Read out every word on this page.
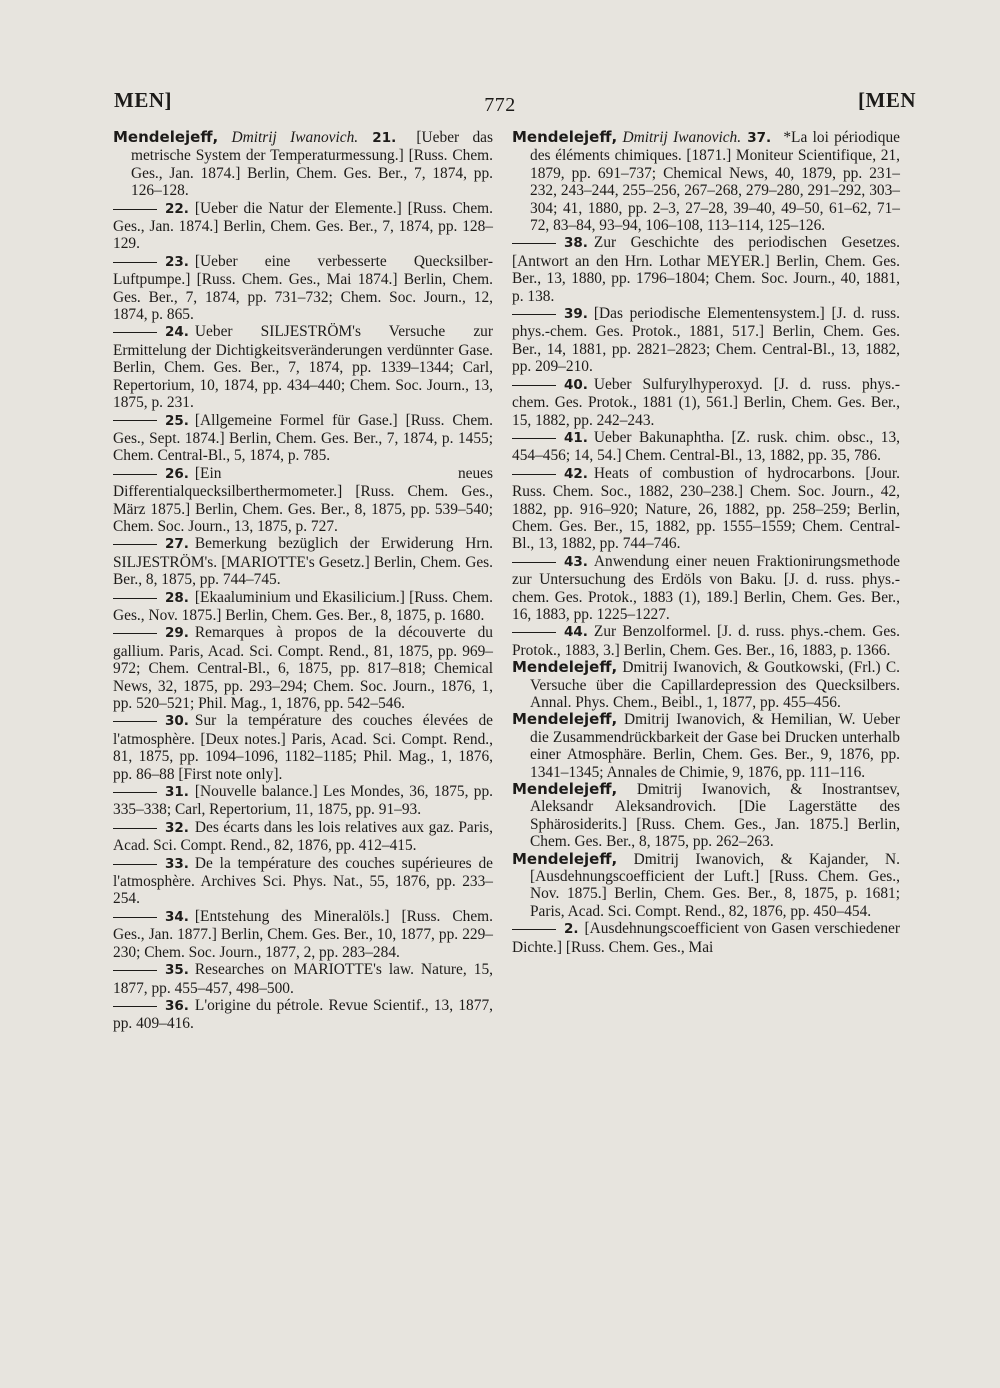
MEN]	772	[MEN

Mendelejeff, Dmitrij Iwanovich. 21. [Ueber das metrische System der Temperaturmessung.] [Russ. Chem. Ges., Jan. 1874.] Berlin, Chem. Ges. Ber., 7, 1874, pp. 126–128.

22. [Ueber die Natur der Elemente.] [Russ. Chem. Ges., Jan. 1874.] Berlin, Chem. Ges. Ber., 7, 1874, pp. 128–129.

23. [Ueber eine verbesserte Quecksilber-Luftpumpe.] [Russ. Chem. Ges., Mai 1874.] Berlin, Chem. Ges. Ber., 7, 1874, pp. 731–732; Chem. Soc. Journ., 12, 1874, p. 865.

24. Ueber SILJESTRÖM's Versuche zur Ermittelung der Dichtigkeitsveränderungen verdünnter Gase. Berlin, Chem. Ges. Ber., 7, 1874, pp. 1339–1344; Carl, Repertorium, 10, 1874, pp. 434–440; Chem. Soc. Journ., 13, 1875, p. 231.

25. [Allgemeine Formel für Gase.] [Russ. Chem. Ges., Sept. 1874.] Berlin, Chem. Ges. Ber., 7, 1874, p. 1455; Chem. Central-Bl., 5, 1874, p. 785.

26. [Ein neues Differentialquecksilberthermometer.] [Russ. Chem. Ges., März 1875.] Berlin, Chem. Ges. Ber., 8, 1875, pp. 539–540; Chem. Soc. Journ., 13, 1875, p. 727.

27. Bemerkung bezüglich der Erwiderung Hrn. SILJESTRÖM's. [MARIOTTE's Gesetz.] Berlin, Chem. Ges. Ber., 8, 1875, pp. 744–745.

28. [Ekaaluminium und Ekasilicium.] [Russ. Chem. Ges., Nov. 1875.] Berlin, Chem. Ges. Ber., 8, 1875, p. 1680.

29. Remarques à propos de la découverte du gallium. Paris, Acad. Sci. Compt. Rend., 81, 1875, pp. 969–972; Chem. Central-Bl., 6, 1875, pp. 817–818; Chemical News, 32, 1875, pp. 293–294; Chem. Soc. Journ., 1876, 1, pp. 520–521; Phil. Mag., 1, 1876, pp. 542–546.

30. Sur la température des couches élevées de l'atmosphère. [Deux notes.] Paris, Acad. Sci. Compt. Rend., 81, 1875, pp. 1094–1096, 1182–1185; Phil. Mag., 1, 1876, pp. 86–88 [First note only].

31. [Nouvelle balance.] Les Mondes, 36, 1875, pp. 335–338; Carl, Repertorium, 11, 1875, pp. 91–93.

32. Des écarts dans les lois relatives aux gaz. Paris, Acad. Sci. Compt. Rend., 82, 1876, pp. 412–415.

33. De la température des couches supérieures de l'atmosphère. Archives Sci. Phys. Nat., 55, 1876, pp. 233–254.

34. [Entstehung des Mineralöls.] [Russ. Chem. Ges., Jan. 1877.] Berlin, Chem. Ges. Ber., 10, 1877, pp. 229–230; Chem. Soc. Journ., 1877, 2, pp. 283–284.

35. Researches on MARIOTTE's law. Nature, 15, 1877, pp. 455–457, 498–500.

36. L'origine du pétrole. Revue Scientif., 13, 1877, pp. 409–416.

Mendelejeff, Dmitrij Iwanovich. 37. *La loi périodique des éléments chimiques. [1871.] Moniteur Scientifique, 21, 1879, pp. 691–737; Chemical News, 40, 1879, pp. 231–232, 243–244, 255–256, 267–268, 279–280, 291–292, 303–304; 41, 1880, pp. 2–3, 27–28, 39–40, 49–50, 61–62, 71–72, 83–84, 93–94, 106–108, 113–114, 125–126.

38. Zur Geschichte des periodischen Gesetzes. [Antwort an den Hrn. Lothar MEYER.] Berlin, Chem. Ges. Ber., 13, 1880, pp. 1796–1804; Chem. Soc. Journ., 40, 1881, p. 138.

39. [Das periodische Elementensystem.] [J. d. russ. phys.-chem. Ges. Protok., 1881, 517.] Berlin, Chem. Ges. Ber., 14, 1881, pp. 2821–2823; Chem. Central-Bl., 13, 1882, pp. 209–210.

40. Ueber Sulfurylhyperoxyd. [J. d. russ. phys.-chem. Ges. Protok., 1881 (1), 561.] Berlin, Chem. Ges. Ber., 15, 1882, pp. 242–243.

41. Ueber Bakunaphtha. [Z. rusk. chim. obsc., 13, 454–456; 14, 54.] Chem. Central-Bl., 13, 1882, pp. 35, 786.

42. Heats of combustion of hydrocarbons. [Jour. Russ. Chem. Soc., 1882, 230–238.] Chem. Soc. Journ., 42, 1882, pp. 916–920; Nature, 26, 1882, pp. 258–259; Berlin, Chem. Ges. Ber., 15, 1882, pp. 1555–1559; Chem. Central-Bl., 13, 1882, pp. 744–746.

43. Anwendung einer neuen Fraktionirungsmethode zur Untersuchung des Erdöls von Baku. [J. d. russ. phys.-chem. Ges. Protok., 1883 (1), 189.] Berlin, Chem. Ges. Ber., 16, 1883, pp. 1225–1227.

44. Zur Benzolformel. [J. d. russ. phys.-chem. Ges. Protok., 1883, 3.] Berlin, Chem. Ges. Ber., 16, 1883, p. 1366.

Mendelejeff, Dmitrij Iwanovich, & Goutkowski, (Frl.) C. Versuche über die Capillardepression des Quecksilbers. Annal. Phys. Chem., Beibl., 1, 1877, pp. 455–456.

Mendelejeff, Dmitrij Iwanovich, & Hemilian, W. Ueber die Zusammendrückbarkeit der Gase bei Drucken unterhalb einer Atmosphäre. Berlin, Chem. Ges. Ber., 9, 1876, pp. 1341–1345; Annales de Chimie, 9, 1876, pp. 111–116.

Mendelejeff, Dmitrij Iwanovich, & Inostrantsev, Aleksandr Aleksandrovich. [Die Lagerstätte des Sphärosiderits.] [Russ. Chem. Ges., Jan. 1875.] Berlin, Chem. Ges. Ber., 8, 1875, pp. 262–263.

Mendelejeff, Dmitrij Iwanovich, & Kajander, N. [Ausdehnungscoefficient der Luft.] [Russ. Chem. Ges., Nov. 1875.] Berlin, Chem. Ges. Ber., 8, 1875, p. 1681; Paris, Acad. Sci. Compt. Rend., 82, 1876, pp. 450–454.

2. [Ausdehnungscoefficient von Gasen verschiedener Dichte.] [Russ. Chem. Ges., Mai
